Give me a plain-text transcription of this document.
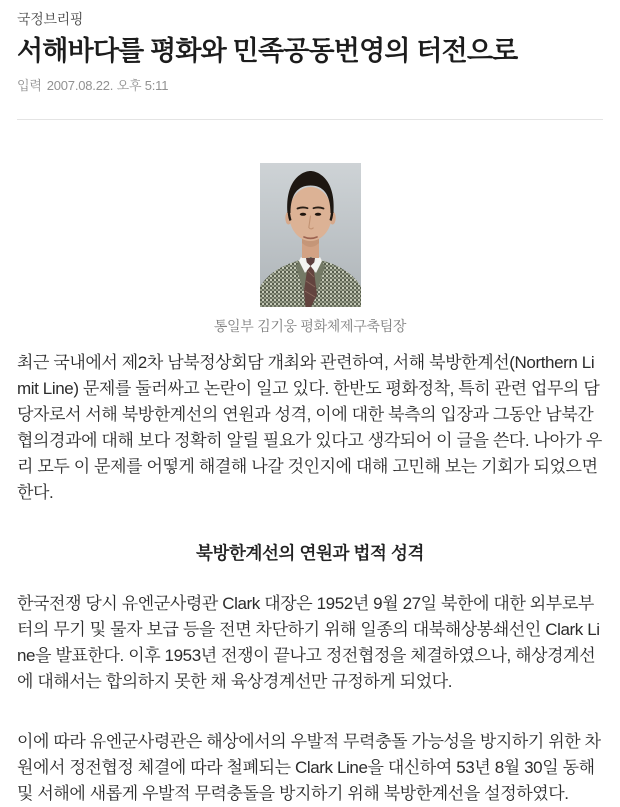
국정브리핑
서해바다를 평화와 민족공동번영의 터전으로
입력 2007.08.22. 오후 5:11
통일부 김기웅 평화체제구축팀장

최근 국내에서 제2차 남북정상회담 개최와 관련하여, 서해 북방한계선(Northern Limit Line) 문제를 둘러싸고 논란이 일고 있다. 한반도 평화정착, 특히 관련 업무의 담당자로서 서해 북방한계선의 연원과 성격, 이에 대한 북측의 입장과 그동안 남북간 협의경과에 대해 보다 정확히 알릴 필요가 있다고 생각되어 이 글을 쓴다. 나아가 우리 모두 이 문제를 어떻게 해결해 나갈 것인지에 대해 고민해 보는 기회가 되었으면 한다.

북방한계선의 연원과 법적 성격

한국전쟁 당시 유엔군사령관 Clark 대장은 1952년 9월 27일 북한에 대한 외부로부터의 무기 및 물자 보급 등을 전면 차단하기 위해 일종의 대북해상봉쇄선인 Clark Line을 발표한다. 이후 1953년 전쟁이 끝나고 정전협정을 체결하였으나, 해상경계선에 대해서는 합의하지 못한 채 육상경계선만 규정하게 되었다.

이에 따라 유엔군사령관은 해상에서의 우발적 무력충돌 가능성을 방지하기 위한 차원에서 정전협정 체결에 따라 철폐되는 Clark Line을 대신하여 53년 8월 30일 동해 및 서해에 새롭게 우발적 무력충돌을 방지하기 위해 북방한계선을 설정하였다.
